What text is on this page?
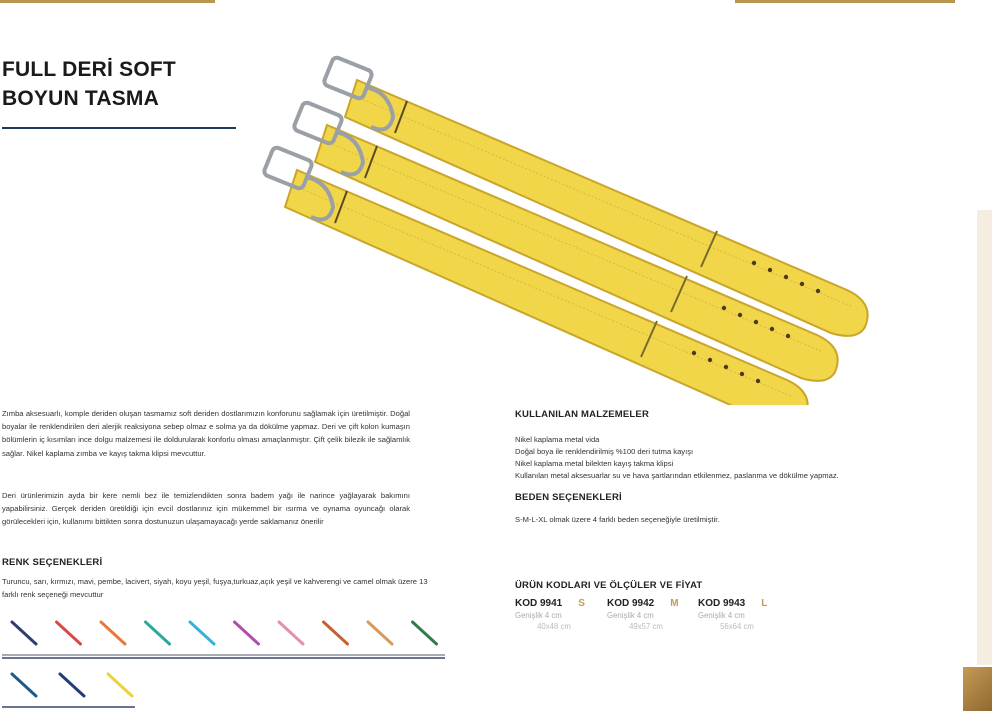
FULL DERİ SOFT
BOYUN TASMA
Zımba aksesuarlı, komple deriden oluşan tasmamız soft deriden dostlarımızın konforunu sağlamak için üretilmiştir. Doğal boyalar ile renklendirilen deri alerjik reaksiyona sebep olmaz e solma ya da dökülme yapmaz. Deri ve çift kolon kumaşın bölümlerin iç kısımları ince dolgu malzemesi ile doldurularak konforlu olması amaçlanmıştır. Çift çelik bilezik ile sağlamlık sağlar. Nikel kaplama zımba ve kayış takma klipsi mevcuttur.
Deri ürünlerimizin ayda bir kere nemli bez ile temizlendikten sonra badem yağı ile narince yağlayarak bakımını yapabilirsiniz. Gerçek deriden üretildiği için evcil dostlarınız için mükemmel bir ısırma ve oynama oyuncağı olarak görülecekleri için, kullanımı bittikten sonra dostunuzun ulaşamayacağı yerde saklamanız önerilir
RENK SEÇENEKLERİ
Turuncu, sarı, kırmızı, mavi, pembe, lacivert, siyah, koyu yeşil, fuşya,turkuaz,açık yeşil ve kahverengi ve camel olmak üzere 13 farklı renk seçeneği mevcuttur
KULLANILAN MALZEMELER
Nikel kaplama metal vida
Doğal boya ile renklendirilmiş %100 deri tutma kayışı
Nikel kaplama metal bilekten kayış takma klipsi
Kullanılan metal aksesuarlar su ve hava şartlarından etkilenmez, paslanma ve dökülme yapmaz.
BEDEN SEÇENEKLERİ
S-M-L-XL olmak üzere 4 farklı beden seçeneğiyle üretilmiştir.
ÜRÜN KODLARI VE ÖLÇÜLER VE FİYAT
KOD 9941 S
Genişlik 4 cm
40x48 cm
KOD 9942 M
Genişlik 4 cm
49x57 cm
KOD 9943 L
Genişlik 4 cm
56x64 cm
